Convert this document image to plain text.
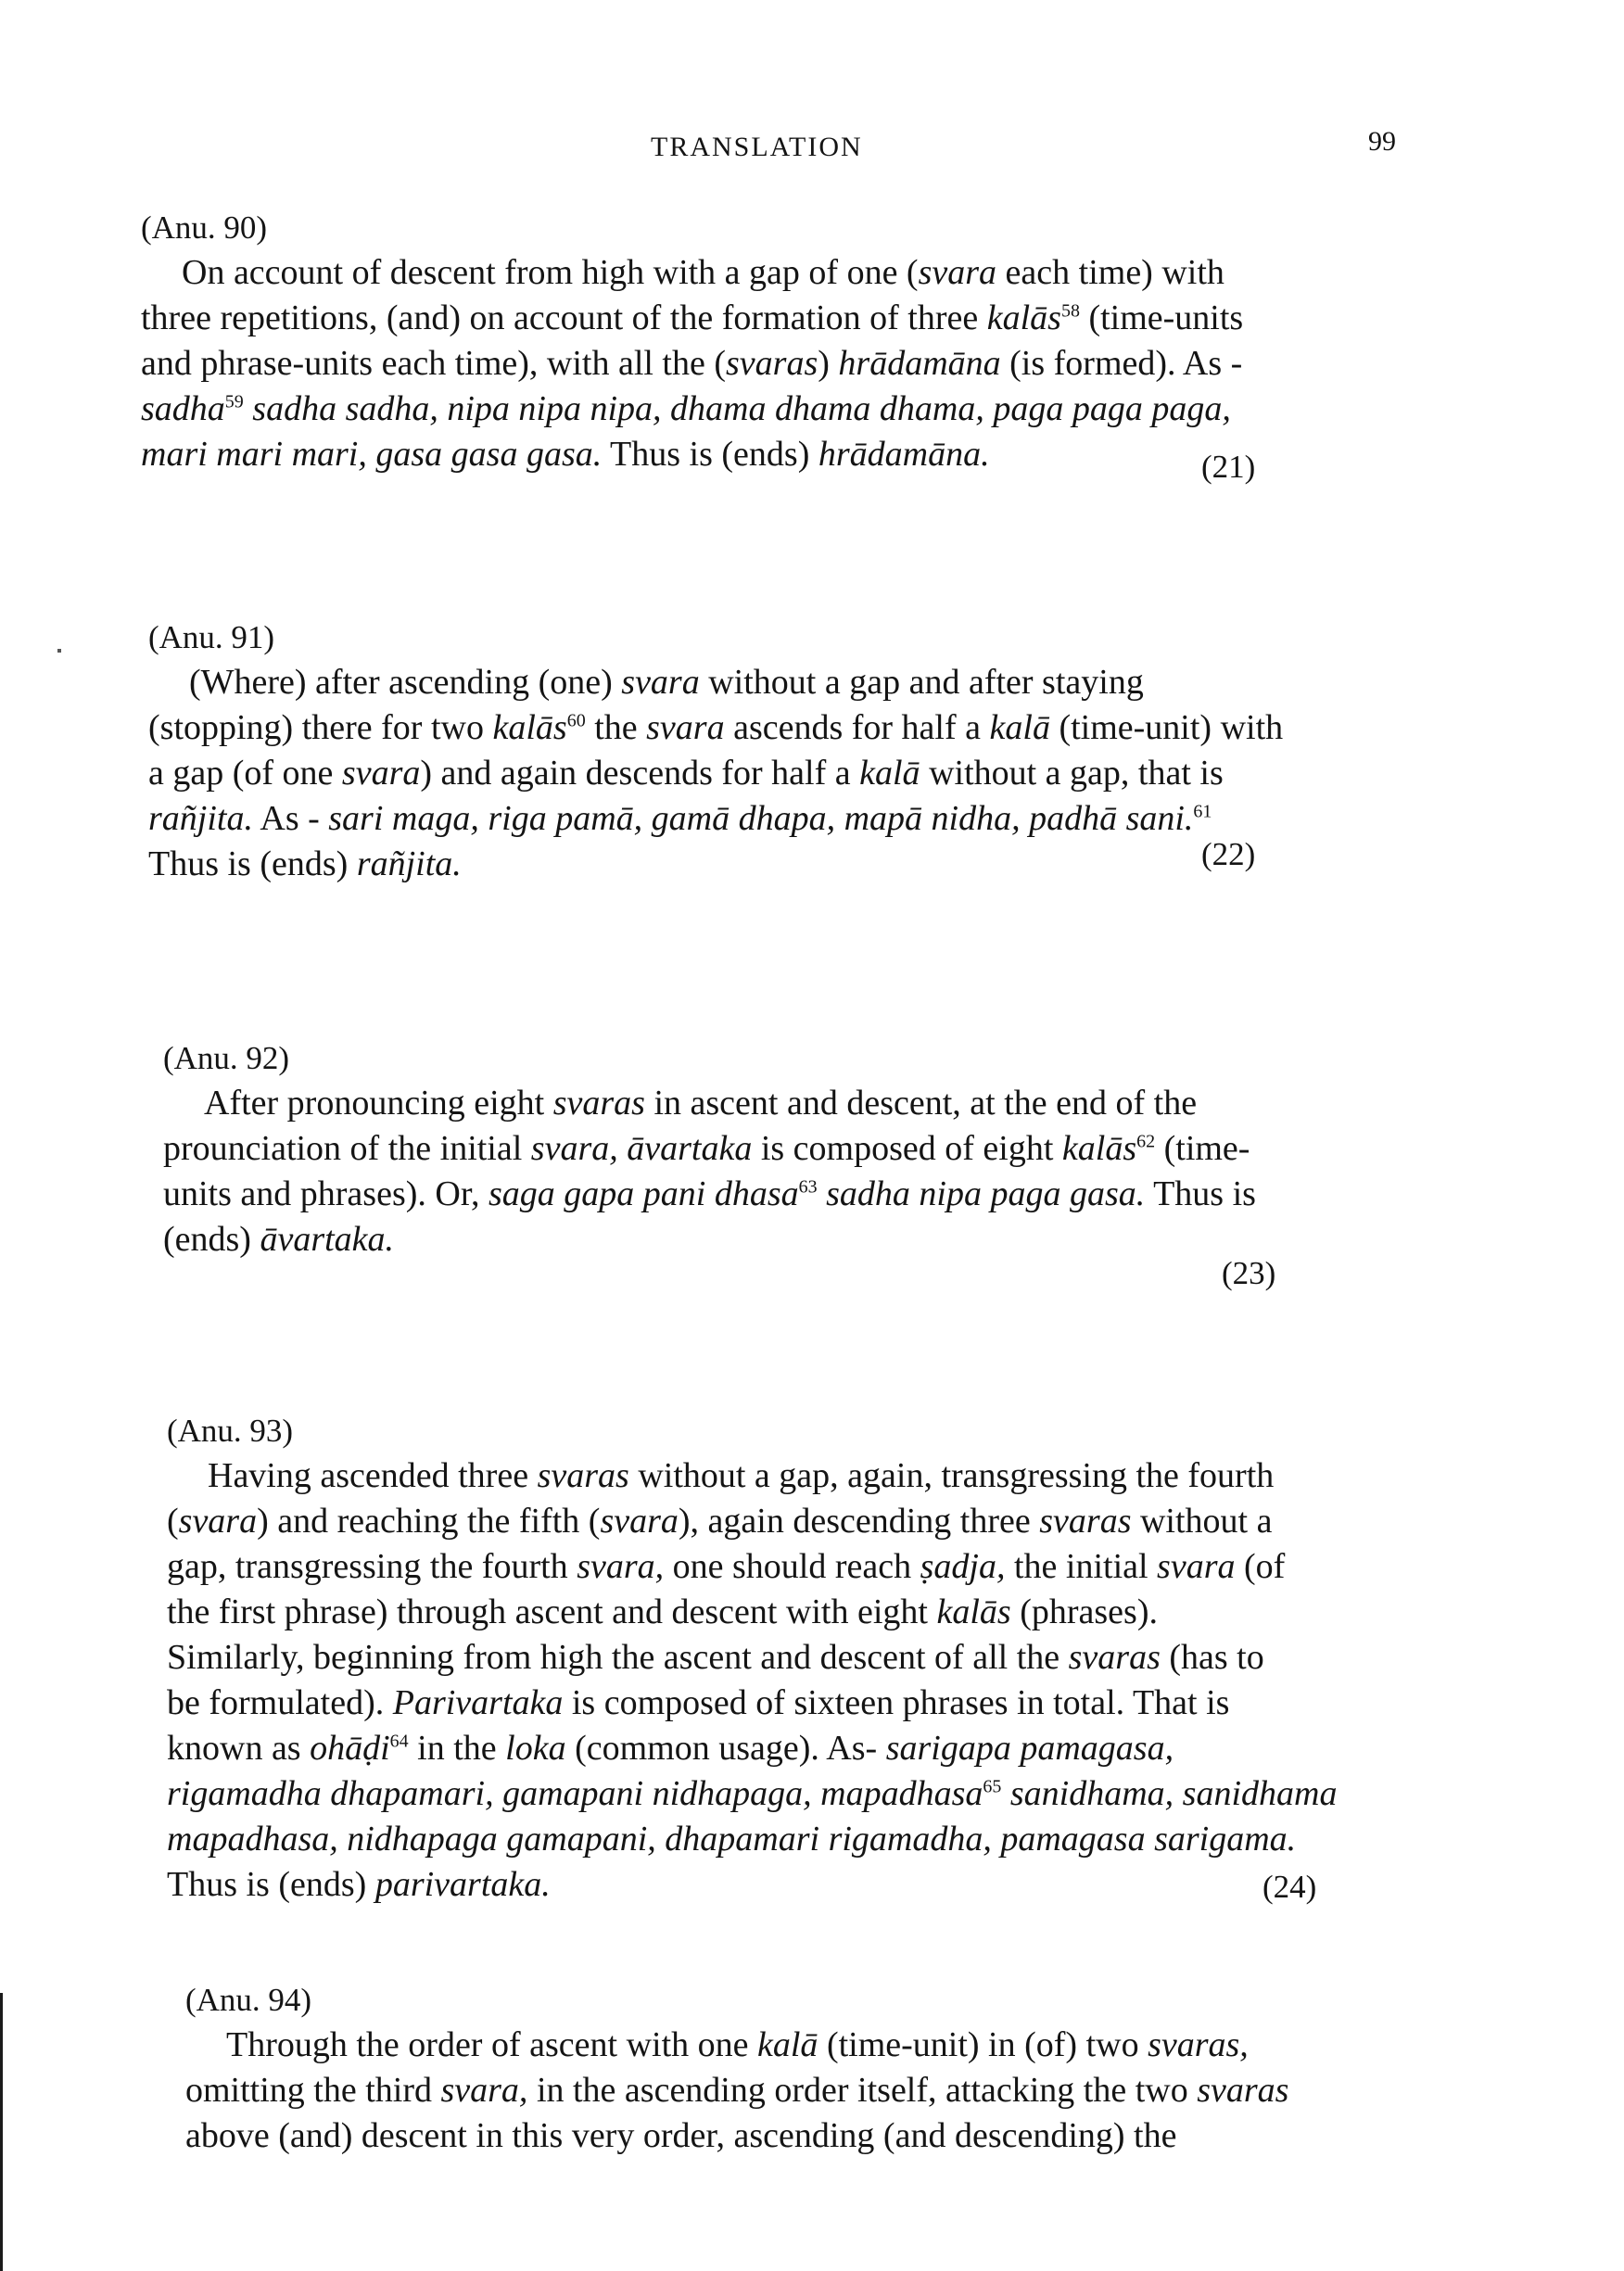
TRANSLATION	99
(Anu. 90)
On account of descent from high with a gap of one (svara each time) with
three repetitions, (and) on account of the formation of three kalās$^{58}$ (time-units
and phrase-units each time), with all the (svaras) hrādamāna (is formed). As -
sadha$^{59}$ sadha sadha, nipa nipa nipa, dhama dhama dhama, paga paga paga,
mari mari mari, gasa gasa gasa. Thus is (ends) hrādamāna.	(21)
(Anu. 91)
(Where) after ascending (one) svara without a gap and after staying
(stopping) there for two kalās$^{60}$ the svara ascends for half a kalā (time-unit) with
a gap (of one svara) and again descends for half a kalā without a gap, that is
rañjita. As - sari maga, riga pamā, gamā dhapa, mapā nidha, padhā sani.$^{61}$
Thus is (ends) rañjita.	(22)
(Anu. 92)
After pronouncing eight svaras in ascent and descent, at the end of the
prounciation of the initial svara, āvartaka is composed of eight kalās$^{62}$ (time-
units and phrases). Or, saga gapa pani dhasa$^{63}$ sadha nipa paga gasa. Thus is
(ends) āvartaka.
(23)
(Anu. 93)
Having ascended three svaras without a gap, again, transgressing the fourth
(svara) and reaching the fifth (svara), again descending three svaras without a
gap, transgressing the fourth svara, one should reach ṣadja, the initial svara (of
the first phrase) through ascent and descent with eight kalās (phrases).
Similarly, beginning from high the ascent and descent of all the svaras (has to
be formulated). Parivartaka is composed of sixteen phrases in total. That is
known as ohāḍi$^{64}$ in the loka (common usage). As- sarigapa pamagasa,
rigamadha dhapamari, gamapani nidhapaga, mapadhasa$^{65}$ sanidhama, sanidhama
mapadhasa, nidhapaga gamapani, dhapamari rigamadha, pamagasa sarigama.
Thus is (ends) parivartaka.	(24)
(Anu. 94)
Through the order of ascent with one kalā (time-unit) in (of) two svaras,
omitting the third svara, in the ascending order itself, attacking the two svaras
above (and) descent in this very order, ascending (and descending) the
